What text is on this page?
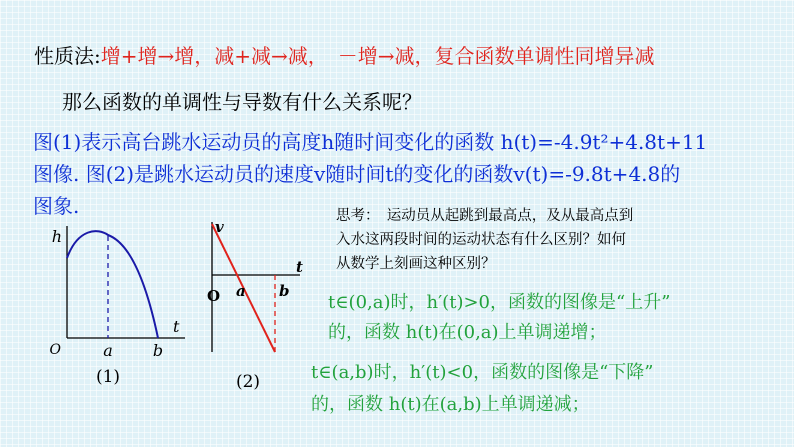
性质法:增+增→增，减+减→减，　－增→减，复合函数单调性同增异减
那么函数的单调性与导数有什么关系呢？
图(1)表示高台跳水运动员的高度h随时间变化的函数 h(t)=-4.9t²+4.8t+11
图像. 图(2)是跳水运动员的速度v随时间t的变化的函数v(t)=-9.8t+4.8的
图象.	思考：　运动员从起跳到最高点，及从最高点到
入水这两段时间的运动状态有什么区别？如何
从数学上刻画这种区别？
t∈(0,a)时，h′(t)>0，函数的图像是“上升”
的，函数 h(t)在(0,a)上单调递增；
t∈(a,b)时，h′(t)<0，函数的图像是“下降”
的，函数 h(t)在(a,b)上单调递减；
h
t
O	a	b
(1)
v
t
O a b
(2)
